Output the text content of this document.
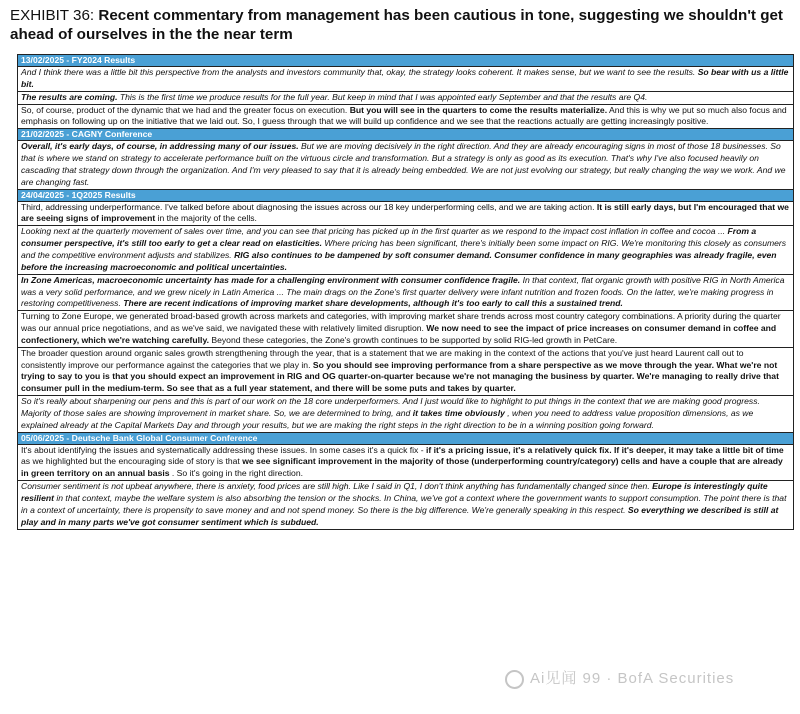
EXHIBIT 36: Recent commentary from management has been cautious in tone, suggesting we shouldn't get ahead of ourselves in the the near term
13/02/2025 - FY2024 Results
And I think there was a little bit this perspective from the analysts and investors community that, okay, the strategy looks coherent. It makes sense, but we want to see the results. So bear with us a little bit.
The results are coming. This is the first time we produce results for the full year. But keep in mind that I was appointed early September and that the results are Q4.
So, of course, product of the dynamic that we had and the greater focus on execution. But you will see in the quarters to come the results materialize. And this is why we put so much also focus and emphasis on following up on the initiative that we laid out. So, I guess through that we will build up confidence and we see that the reactions actually are getting increasingly positive.
21/02/2025 - CAGNY Conference
Overall, it's early days, of course, in addressing many of our issues. But we are moving decisively in the right direction. And they are already encouraging signs in most of those 18 businesses. So that is where we stand on strategy to accelerate performance built on the virtuous circle and transformation. But a strategy is only as good as its execution. That's why I've also focused heavily on cascading that strategy down through the organization. And I'm very pleased to say that it is already being embedded. We are not just evolving our strategy, but really changing the way we work. And we are changing fast.
24/04/2025 - 1Q2025 Results
Third, addressing underperformance. I've talked before about diagnosing the issues across our 18 key underperforming cells, and we are taking action. It is still early days, but I'm encouraged that we are seeing signs of improvement in the majority of the cells.
Looking next at the quarterly movement of sales over time, and you can see that pricing has picked up in the first quarter as we respond to the impact cost inflation in coffee and cocoa ... From a consumer perspective, it's still too early to get a clear read on elasticities. Where pricing has been significant, there's initially been some impact on RIG. We're monitoring this closely as consumers and the competitive environment adjusts and stabilizes. RIG also continues to be dampened by soft consumer demand. Consumer confidence in many geographies was already fragile, even before the increasing macroeconomic and political uncertainties.
In Zone Americas, macroeconomic uncertainty has made for a challenging environment with consumer confidence fragile. In that context, flat organic growth with positive RIG in North America was a very solid performance, and we grew nicely in Latin America ... The main drags on the Zone's first quarter delivery were infant nutrition and frozen foods. On the latter, we're making progress in restoring competitiveness. There are recent indications of improving market share developments, although it's too early to call this a sustained trend.
Turning to Zone Europe, we generated broad-based growth across markets and categories, with improving market share trends across most country category combinations. A priority during the quarter was our annual price negotiations, and as we've said, we navigated these with relatively limited disruption. We now need to see the impact of price increases on consumer demand in coffee and confectionery, which we're watching carefully. Beyond these categories, the Zone's growth continues to be supported by solid RIG-led growth in PetCare.
The broader question around organic sales growth strengthening through the year, that is a statement that we are making in the context of the actions that you've just heard Laurent call out to consistently improve our performance against the categories that we play in. So you should see improving performance from a share perspective as we move through the year. What we're not trying to say to you is that you should expect an improvement in RIG and OG quarter-on-quarter because we're not managing the business by quarter. We're managing to really drive that consumer pull in the medium-term. So see that as a full year statement, and there will be some puts and takes by quarter.
So it's really about sharpening our pens and this is part of our work on the 18 core underperformers. And I just would like to highlight to put things in the context that we are making good progress. Majority of those sales are showing improvement in market share. So, we are determined to bring, and it takes time obviously , when you need to address value proposition dimensions, as we explained already at the Capital Markets Day and through your results, but we are making the right steps in the right direction to be in a winning position going forward.
05/06/2025 - Deutsche Bank Global Consumer Conference
It's about identifying the issues and systematically addressing these issues. In some cases it's a quick fix - if it's a pricing issue, it's a relatively quick fix. If it's deeper, it may take a little bit of time as we highlighted but the encouraging side of story is that we see significant improvement in the majority of those (underperforming country/category) cells and have a couple that are already in green territory on an annual basis . So it's going in the right direction.
Consumer sentiment is not upbeat anywhere, there is anxiety, food prices are still high. Like I said in Q1, I don't think anything has fundamentally changed since then. Europe is interestingly quite resilient in that context, maybe the welfare system is also absorbing the tension or the shocks. In China, we've got a context where the government wants to support consumption. The point there is that in a context of uncertainty, there is propensity to save money and and not spend money. So there is the big difference. We're generally speaking in this respect. So everything we described is still at play and in many parts we've got consumer sentiment which is subdued.
Ai见闻 99 · BofA Securities
